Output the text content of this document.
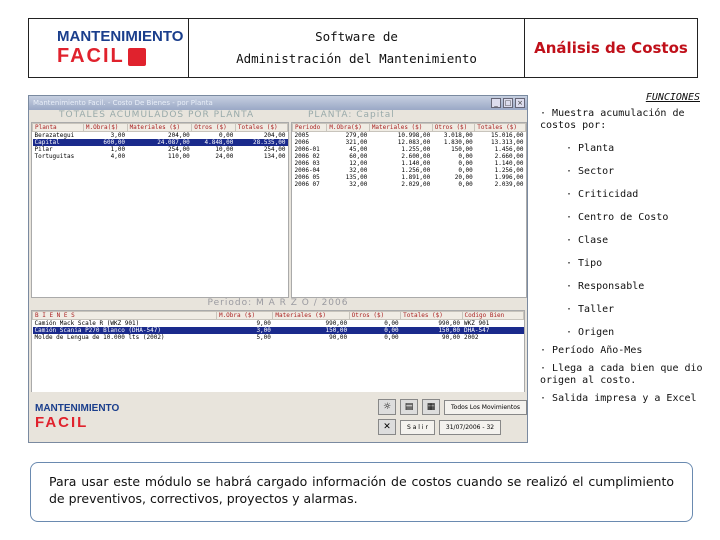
MANTENIMIENTO
FACIL
Software de
Administración del Mantenimiento
Análisis de Costos
Mantenimiento Facil. - Costo De Bienes - por Planta	_ □ ×
TOTALES ACUMULADOS POR PLANTA	PLANTA: Capital
Planta	M.Obra($)	Materiales ($)	Otros ($)	Totales ($)
Berazategui	3,00	204,00	0,00	204,00
Capital	600,00	24.087,00	4.848,00	28.535,00
Pilar	1,00	254,00	10,00	254,00
Tortuguitas	4,00	110,00	24,00	134,00
Periodo	M.Obra($)	Materiales ($)	Otros ($)	Totales ($)
2005	279,00	10.998,00	3.018,00	15.016,00
2006	321,00	12.083,00	1.830,00	13.313,00
2006-01	45,00	1.255,00	150,00	1.456,00
2006 02	60,00	2.600,00	0,00	2.660,00
2006 03	12,00	1.140,00	0,00	1.140,00
2006-04	32,00	1.256,00	0,00	1.256,00
2006 05	135,00	1.891,00	20,00	1.996,00
2006 07	32,00	2.029,00	0,00	2.039,00
Periodo: M A R Z O / 2006
B I E N E S	M.Obra ($)	Materiales ($)	Otros ($)	Totales ($)	Codigo Bien
Camión Mack Scale R (WKZ 901)	9,00	990,00	0,00	990,00	WKZ 901
Camión Scania P270 Blanco (DHA-547)	3,00	150,00	0,00	150,00	DHA-547
Molde de Lengua de 10.000 lts (2002)	5,00	90,00	0,00	90,00	2002
MANTENIMIENTO
FACIL
☼	▤	▦	Todos Los Movimientos
✕	S a l i r	31/07/2006 - 32
FUNCIONES
· Muestra acumulación de costos por:
· Planta
· Sector
· Criticidad
· Centro de Costo
· Clase
· Tipo
· Responsable
· Taller
· Origen
· Período Año-Mes
· Llega a cada bien que dio origen al costo.
· Salida impresa y a Excel
Para usar este módulo se habrá cargado información de costos cuando se realizó el cumplimiento de preventivos, correctivos, proyectos y alarmas.
